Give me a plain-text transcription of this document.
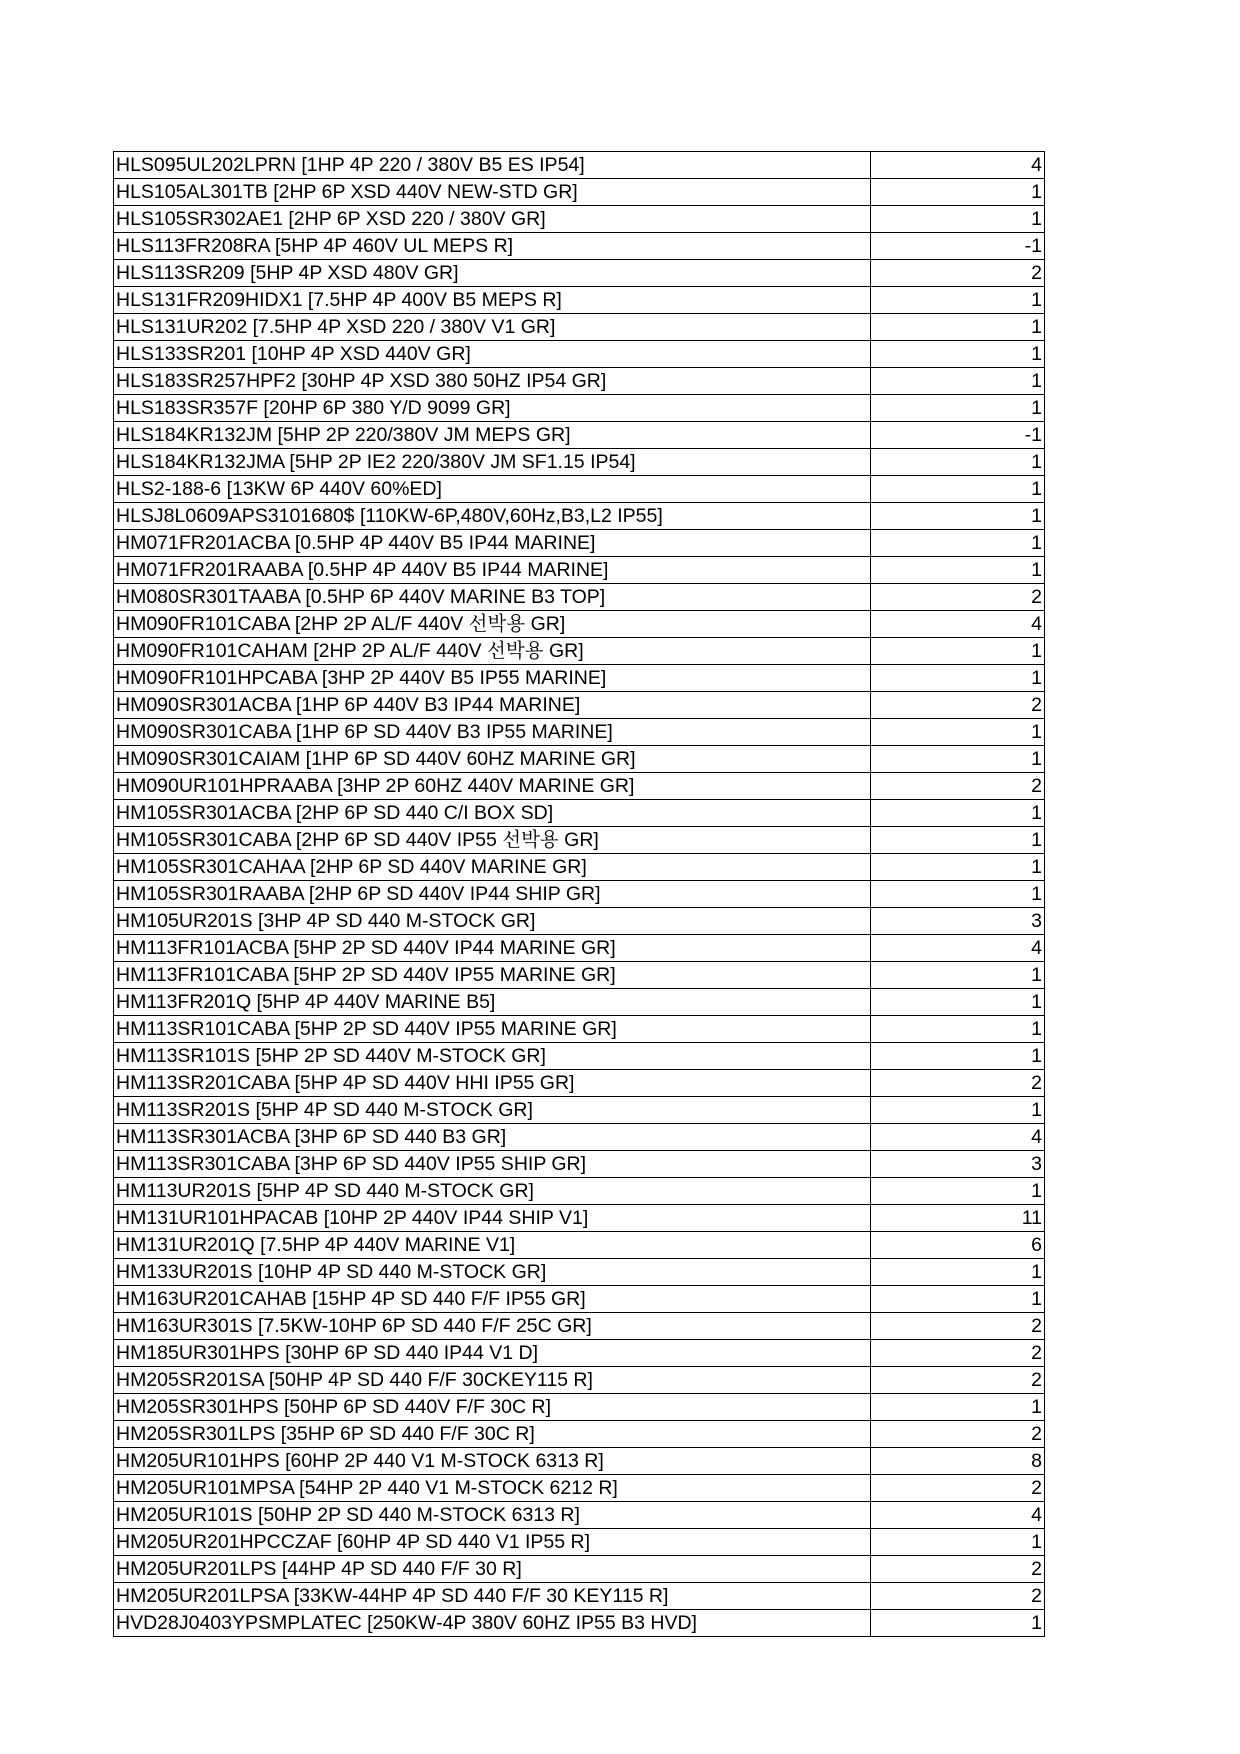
HLS095UL202LPRN [1HP 4P 220 / 380V B5 ES IP54]	4
HLS105AL301TB [2HP 6P XSD 440V NEW-STD GR]	1
HLS105SR302AE1 [2HP 6P XSD 220 / 380V GR]	1
HLS113FR208RA [5HP 4P 460V UL MEPS R]	-1
HLS113SR209 [5HP 4P XSD 480V GR]	2
HLS131FR209HIDX1 [7.5HP 4P 400V B5 MEPS R]	1
HLS131UR202 [7.5HP 4P XSD 220 / 380V V1 GR]	1
HLS133SR201 [10HP 4P XSD 440V GR]	1
HLS183SR257HPF2 [30HP 4P XSD 380 50HZ IP54 GR]	1
HLS183SR357F [20HP 6P 380 Y/D 9099 GR]	1
HLS184KR132JM [5HP 2P 220/380V JM MEPS GR]	-1
HLS184KR132JMA [5HP 2P IE2 220/380V JM SF1.15 IP54]	1
HLS2-188-6 [13KW 6P 440V 60%ED]	1
HLSJ8L0609APS3101680$ [110KW-6P,480V,60Hz,B3,L2 IP55]	1
HM071FR201ACBA [0.5HP 4P 440V B5 IP44 MARINE]	1
HM071FR201RAABA [0.5HP 4P 440V B5 IP44 MARINE]	1
HM080SR301TAABA [0.5HP 6P 440V MARINE B3 TOP]	2
HM090FR101CABA [2HP 2P AL/F 440V 선박용 GR]	4
HM090FR101CAHAM [2HP 2P AL/F 440V 선박용 GR]	1
HM090FR101HPCABA [3HP 2P 440V B5 IP55 MARINE]	1
HM090SR301ACBA [1HP 6P 440V B3 IP44 MARINE]	2
HM090SR301CABA [1HP 6P SD 440V B3 IP55 MARINE]	1
HM090SR301CAIAM [1HP 6P SD 440V 60HZ MARINE GR]	1
HM090UR101HPRAABA [3HP 2P 60HZ 440V MARINE GR]	2
HM105SR301ACBA [2HP 6P SD 440 C/I BOX SD]	1
HM105SR301CABA [2HP 6P SD 440V IP55 선박용 GR]	1
HM105SR301CAHAA [2HP 6P SD 440V MARINE GR]	1
HM105SR301RAABA [2HP 6P SD 440V IP44 SHIP GR]	1
HM105UR201S [3HP 4P SD 440 M-STOCK GR]	3
HM113FR101ACBA [5HP 2P SD 440V IP44 MARINE GR]	4
HM113FR101CABA [5HP 2P SD 440V IP55 MARINE GR]	1
HM113FR201Q [5HP 4P 440V MARINE B5]	1
HM113SR101CABA [5HP 2P SD 440V IP55 MARINE GR]	1
HM113SR101S [5HP 2P SD 440V M-STOCK GR]	1
HM113SR201CABA [5HP 4P SD 440V HHI IP55 GR]	2
HM113SR201S [5HP 4P SD 440 M-STOCK GR]	1
HM113SR301ACBA [3HP 6P SD 440 B3 GR]	4
HM113SR301CABA [3HP 6P SD 440V IP55 SHIP GR]	3
HM113UR201S [5HP 4P SD 440 M-STOCK GR]	1
HM131UR101HPACAB [10HP 2P 440V IP44 SHIP V1]	11
HM131UR201Q [7.5HP 4P 440V MARINE V1]	6
HM133UR201S [10HP 4P SD 440 M-STOCK GR]	1
HM163UR201CAHAB [15HP 4P SD 440 F/F IP55 GR]	1
HM163UR301S [7.5KW-10HP 6P SD 440 F/F 25C GR]	2
HM185UR301HPS [30HP 6P SD 440 IP44 V1 D]	2
HM205SR201SA [50HP 4P SD 440 F/F 30CKEY115 R]	2
HM205SR301HPS [50HP 6P SD 440V F/F 30C R]	1
HM205SR301LPS [35HP 6P SD 440 F/F 30C R]	2
HM205UR101HPS [60HP 2P 440 V1 M-STOCK 6313 R]	8
HM205UR101MPSA [54HP 2P 440 V1 M-STOCK 6212 R]	2
HM205UR101S [50HP 2P SD 440 M-STOCK 6313 R]	4
HM205UR201HPCCZAF [60HP 4P SD 440 V1 IP55 R]	1
HM205UR201LPS [44HP 4P SD 440 F/F 30 R]	2
HM205UR201LPSA [33KW-44HP 4P SD 440 F/F 30 KEY115 R]	2
HVD28J0403YPSMPLATEC [250KW-4P 380V 60HZ IP55 B3 HVD]	1
